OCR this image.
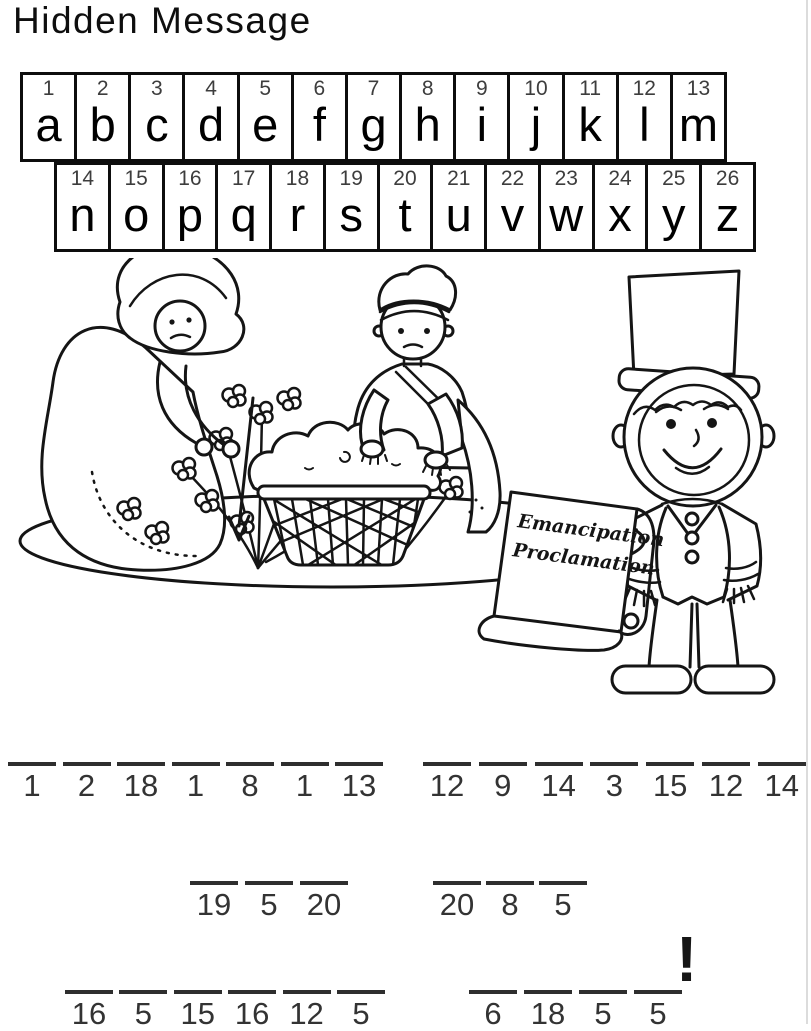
Hidden Message
1
a
2
b
3
c
4
d
5
e
6
f
7
g
8
h
9
i
10
j
11
k
12
l
13
m
14
n
15
o
16
p
17
q
18
r
19
s
20
t
21
u
22
v
23
w
24
x
25
y
26
z
Emancipation
Proclamation
1	2 18 1	8	1 13 12 9 14 3 15 12 14
19 5 20	20 8	5
16 5 15 16 12 5	6 18 5	5
!
